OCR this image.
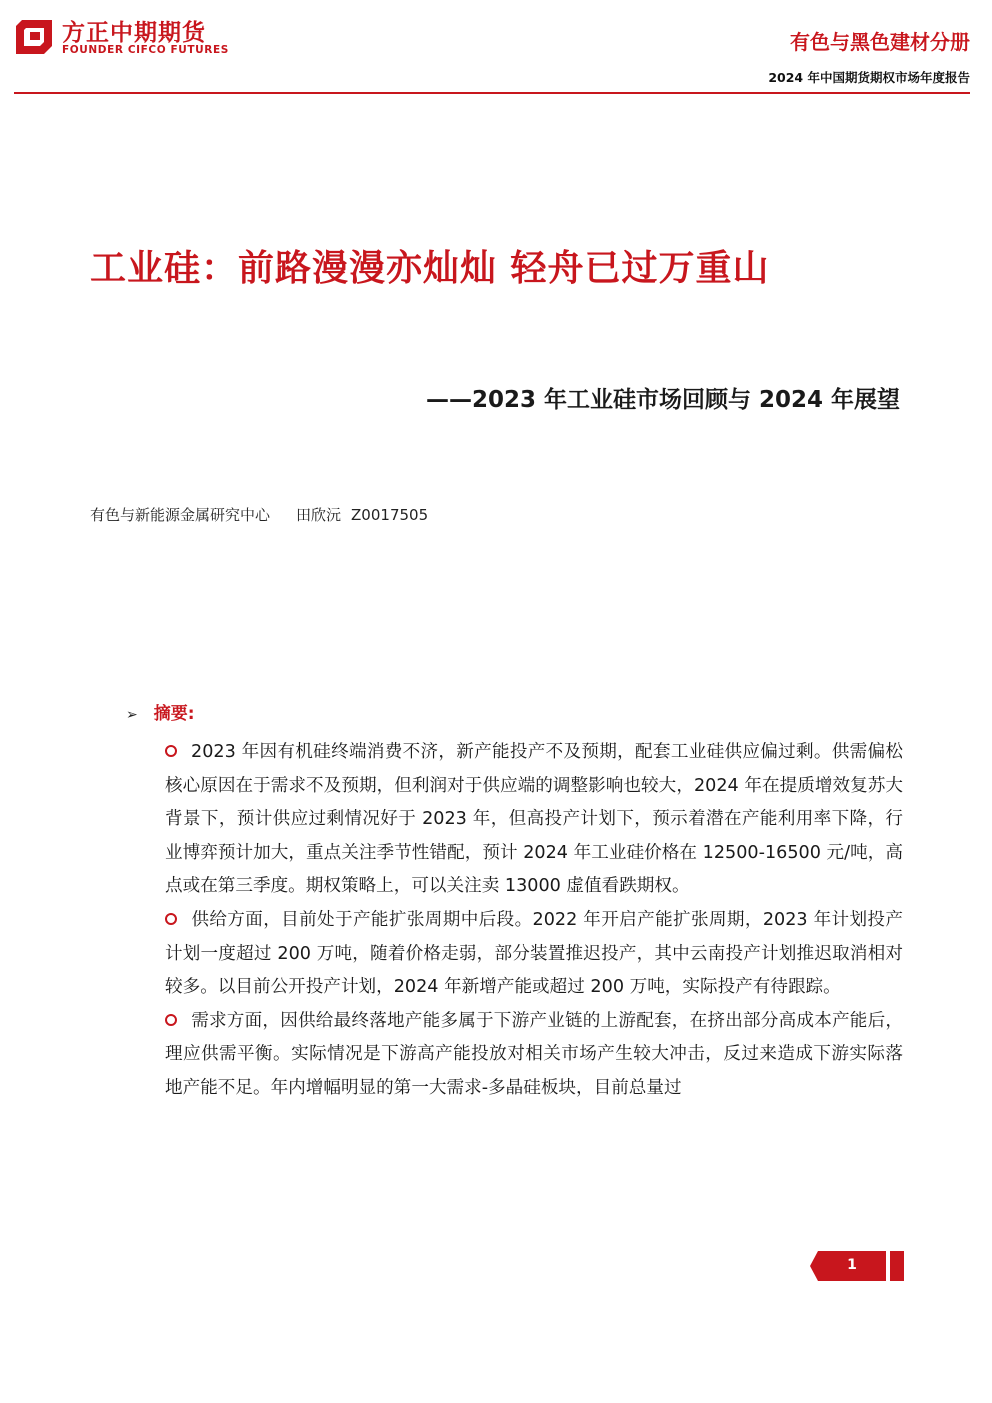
方正中期期货
FOUNDER CIFCO FUTURES	有色与黑色建材分册
2024 年中国期货期权市场年度报告
工业硅：前路漫漫亦灿灿 轻舟已过万重山
——2023 年工业硅市场回顾与 2024 年展望
有色与新能源金属研究中心 田欣沅 Z0017505
➢ 摘要:

2023 年因有机硅终端消费不济，新产能投产不及预期，配套工业硅供应偏过剩。供需偏松核心原因在于需求不及预期，但利润对于供应端的调整影响也较大，2024 年在提质增效复苏大背景下，预计供应过剩情况好于 2023 年，但高投产计划下，预示着潜在产能利用率下降，行业博弈预计加大，重点关注季节性错配，预计 2024 年工业硅价格在 12500-16500 元/吨，高点或在第三季度。期权策略上，可以关注卖 13000 虚值看跌期权。

供给方面，目前处于产能扩张周期中后段。2022 年开启产能扩张周期，2023 年计划投产计划一度超过 200 万吨，随着价格走弱，部分装置推迟投产，其中云南投产计划推迟取消相对较多。以目前公开投产计划，2024 年新增产能或超过 200 万吨，实际投产有待跟踪。

需求方面，因供给最终落地产能多属于下游产业链的上游配套，在挤出部分高成本产能后，理应供需平衡。实际情况是下游高产能投放对相关市场产生较大冲击，反过来造成下游实际落地产能不足。年内增幅明显的第一大需求-多晶硅板块，目前总量过

1
